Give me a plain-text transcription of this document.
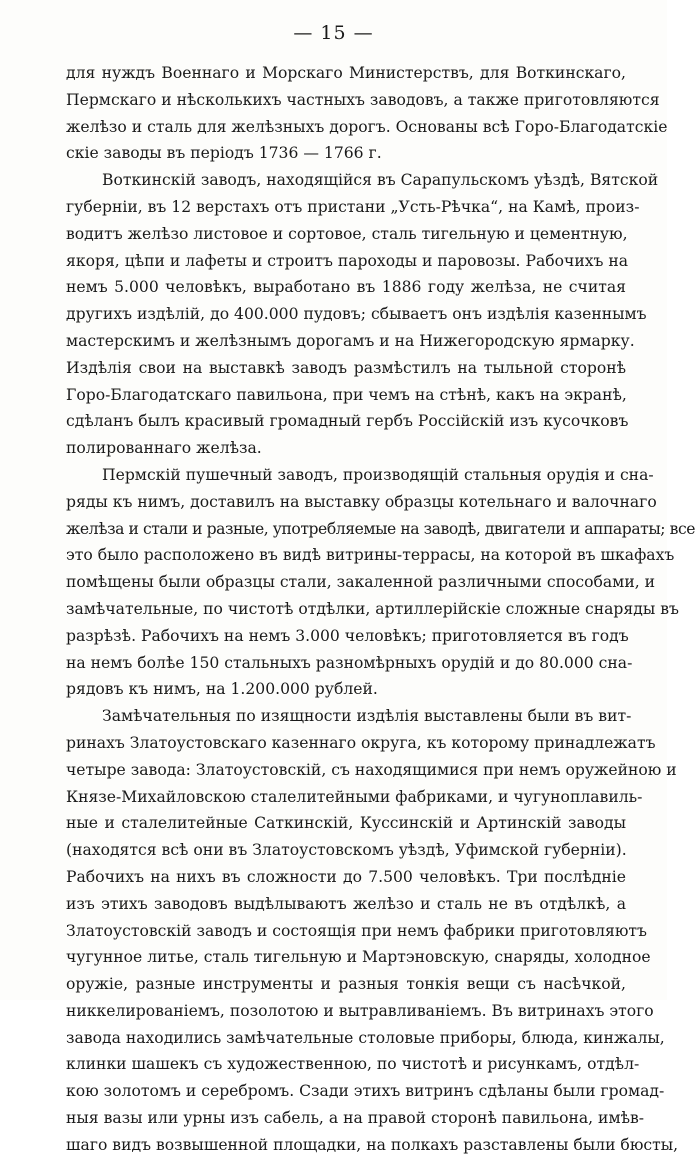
— 15 —
для нуждъ Военнаго и Морскаго Министерствъ, для Воткинскаго,
Пермскаго и нѣсколькихъ частныхъ заводовъ, а также приготовляются
желѣзо и сталь для желѣзныхъ дорогъ. Основаны всѣ Горо-Благодатскіе
скіе заводы въ періодъ 1736 — 1766 г.
Воткинскій заводъ, находящійся въ Сарапульскомъ уѣздѣ, Вятской
губерніи, въ 12 верстахъ отъ пристани „Усть-Рѣчка“, на Камѣ, произ-
водитъ желѣзо листовое и сортовое, сталь тигельную и цементную,
якоря, цѣпи и лафеты и строитъ пароходы и паровозы. Рабочихъ на
немъ 5.000 человѣкъ, выработано въ 1886 году желѣза, не считая
другихъ издѣлій, до 400.000 пудовъ; сбываетъ онъ издѣлія казеннымъ
мастерскимъ и желѣзнымъ дорогамъ и на Нижегородскую ярмарку.
Издѣлія свои на выставкѣ заводъ размѣстилъ на тыльной сторонѣ
Горо-Благодатскаго павильона, при чемъ на стѣнѣ, какъ на экранѣ,
сдѣланъ былъ красивый громадный гербъ Россійскій изъ кусочковъ
полированнаго желѣза.
Пермскій пушечный заводъ, производящій стальныя орудія и сна-
ряды къ нимъ, доставилъ на выставку образцы котельнаго и валочнаго
желѣза и стали и разные, употребляемые на заводѣ, двигатели и аппараты; все
это было расположено въ видѣ витрины-террасы, на которой въ шкафахъ
помѣщены были образцы стали, закаленной различными способами, и
замѣчательные, по чистотѣ отдѣлки, артиллерійскіе сложные снаряды въ
разрѣзѣ. Рабочихъ на немъ 3.000 человѣкъ; приготовляется въ годъ
на немъ болѣе 150 стальныхъ разномѣрныхъ орудій и до 80.000 сна-
рядовъ къ нимъ, на 1.200.000 рублей.
Замѣчательныя по изящности издѣлія выставлены были въ вит-
ринахъ Златоустовскаго казеннаго округа, къ которому принадлежатъ
четыре завода: Златоустовскій, съ находящимися при немъ оружейною и
Князе-Михайловскою сталелитейными фабриками, и чугуноплавиль-
ные и сталелитейные Саткинскій, Куссинскій и Артинскій заводы
(находятся всѣ они въ Златоустовскомъ уѣздѣ, Уфимской губерніи).
Рабочихъ на нихъ въ сложности до 7.500 человѣкъ. Три послѣдніе
изъ этихъ заводовъ выдѣлываютъ желѣзо и сталь не въ отдѣлкѣ, а
Златоустовскій заводъ и состоящія при немъ фабрики приготовляютъ
чугунное литье, сталь тигельную и Мартэновскую, снаряды, холодное
оружіе, разные инструменты и разныя тонкія вещи съ насѣчкой,
никкелированіемъ, позолотою и вытравливаніемъ. Въ витринахъ этого
завода находились замѣчательные столовые приборы, блюда, кинжалы,
клинки шашекъ съ художественною, по чистотѣ и рисункамъ, отдѣл-
кою золотомъ и серебромъ. Сзади этихъ витринъ сдѣланы были громад-
ныя вазы или урны изъ сабель, а на правой сторонѣ павильона, имѣв-
шаго видъ возвышенной площадки, на полкахъ разставлены были бюсты,
